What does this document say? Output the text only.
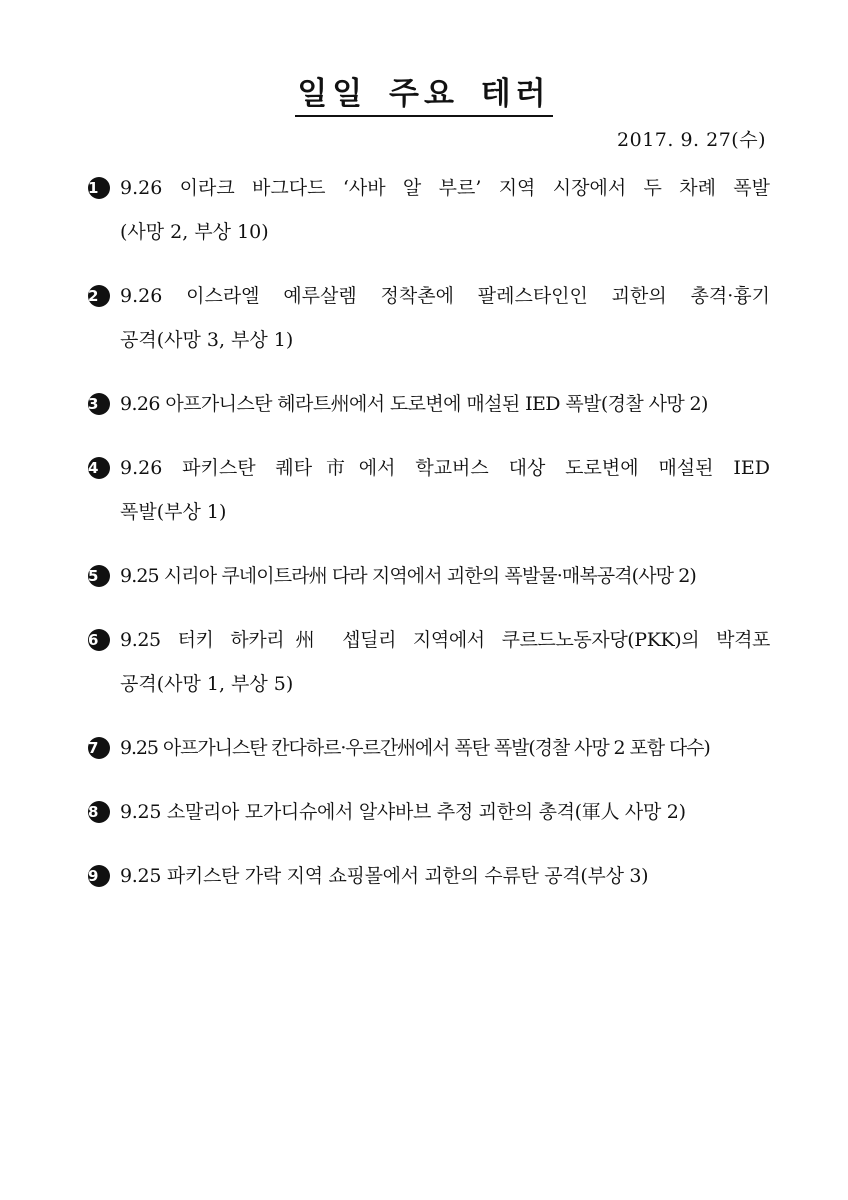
일일 주요 테러
2017. 9. 27(수)
1	9.26 이라크 바그다드 ‘사바 알 부르’ 지역 시장에서 두 차례 폭발
(사망 2, 부상 10)
2	9.26 이스라엘 예루살렘 정착촌에 팔레스타인인 괴한의 총격·흉기
공격(사망 3, 부상 1)
3	9.26 아프가니스탄 헤라트州에서 도로변에 매설된 IED 폭발(경찰 사망 2)
4	9.26 파키스탄 퀘타市에서 학교버스 대상 도로변에 매설된 IED
폭발(부상 1)
5	9.25 시리아 쿠네이트라州 다라 지역에서 괴한의 폭발물·매복공격(사망 2)
6	9.25 터키 하카리州 셉딜리 지역에서 쿠르드노동자당(PKK)의 박격포
공격(사망 1, 부상 5)
7	9.25 아프가니스탄 칸다하르·우르간州에서 폭탄 폭발(경찰 사망 2 포함 다수)
8	9.25 소말리아 모가디슈에서 알샤바브 추정 괴한의 총격(軍人 사망 2)
9	9.25 파키스탄 가락 지역 쇼핑몰에서 괴한의 수류탄 공격(부상 3)
